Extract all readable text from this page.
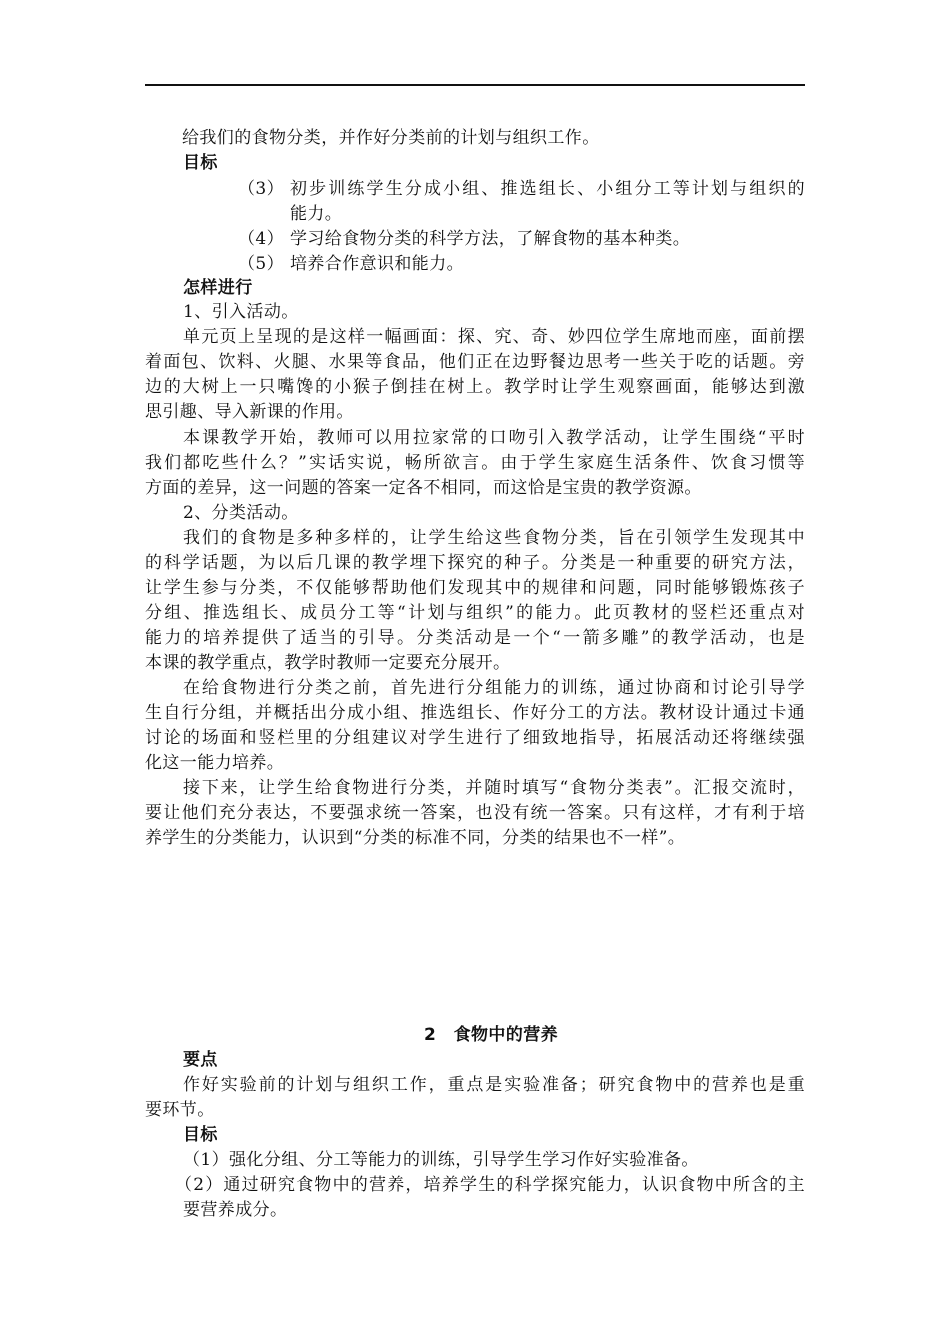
给我们的食物分类，并作好分类前的计划与组织工作。
目标
（3） 初步训练学生分成小组、推选组长、小组分工等计划与组织的
能力。
（4） 学习给食物分类的科学方法，了解食物的基本种类。
（5） 培养合作意识和能力。
怎样进行
1、引入活动。
单元页上呈现的是这样一幅画面：探、究、奇、妙四位学生席地而座，面前摆
着面包、饮料、火腿、水果等食品，他们正在边野餐边思考一些关于吃的话题。旁
边的大树上一只嘴馋的小猴子倒挂在树上。教学时让学生观察画面，能够达到激
思引趣、导入新课的作用。
本课教学开始，教师可以用拉家常的口吻引入教学活动，让学生围绕“平时
我们都吃些什么？”实话实说，畅所欲言。由于学生家庭生活条件、饮食习惯等
方面的差异，这一问题的答案一定各不相同，而这恰是宝贵的教学资源。
2、分类活动。
我们的食物是多种多样的，让学生给这些食物分类，旨在引领学生发现其中
的科学话题，为以后几课的教学埋下探究的种子。分类是一种重要的研究方法，
让学生参与分类，不仅能够帮助他们发现其中的规律和问题，同时能够锻炼孩子
分组、推选组长、成员分工等“计划与组织”的能力。此页教材的竖栏还重点对
能力的培养提供了适当的引导。分类活动是一个“一箭多雕”的教学活动，也是
本课的教学重点，教学时教师一定要充分展开。
在给食物进行分类之前，首先进行分组能力的训练，通过协商和讨论引导学
生自行分组，并概括出分成小组、推选组长、作好分工的方法。教材设计通过卡通
讨论的场面和竖栏里的分组建议对学生进行了细致地指导，拓展活动还将继续强
化这一能力培养。
接下来，让学生给食物进行分类，并随时填写“食物分类表”。汇报交流时，
要让他们充分表达，不要强求统一答案，也没有统一答案。只有这样，才有利于培
养学生的分类能力，认识到“分类的标准不同，分类的结果也不一样”。
2　食物中的营养
要点
作好实验前的计划与组织工作，重点是实验准备；研究食物中的营养也是重
要环节。
目标
（1）强化分组、分工等能力的训练，引导学生学习作好实验准备。
（2）通过研究食物中的营养，培养学生的科学探究能力，认识食物中所含的主
要营养成分。
